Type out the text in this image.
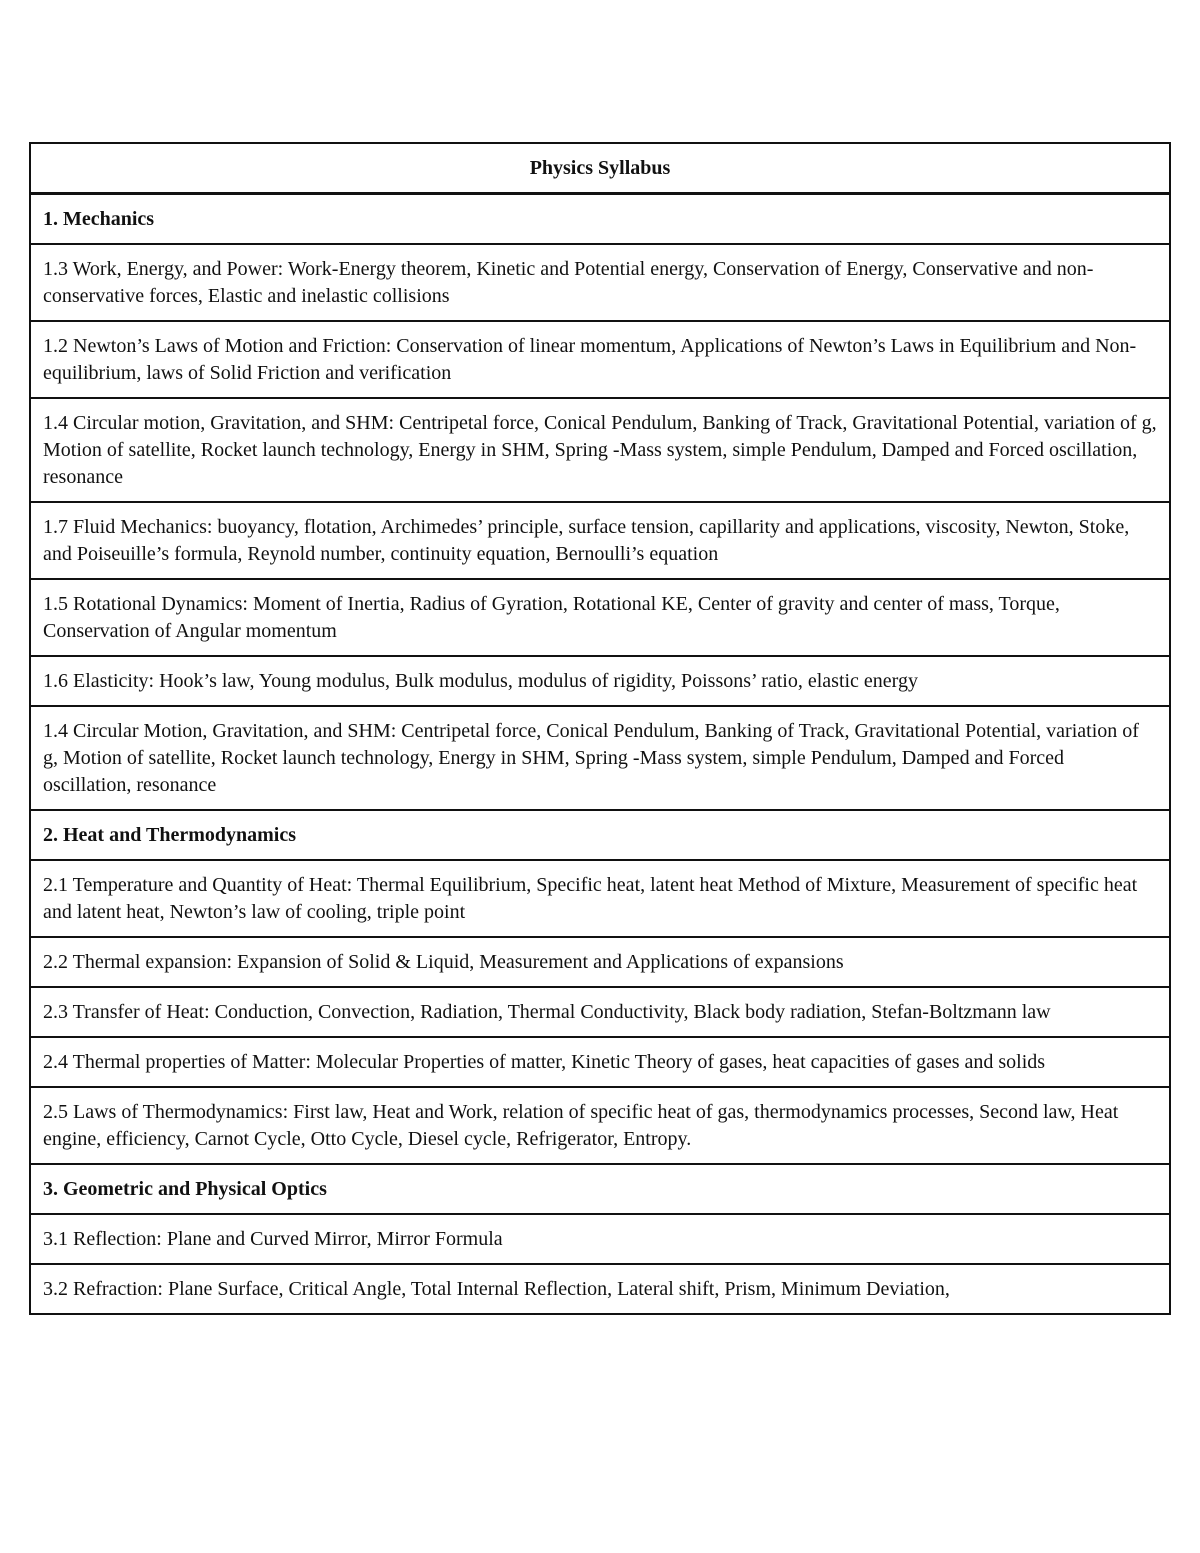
Physics Syllabus
1. Mechanics
1.3 Work, Energy, and Power: Work-Energy theorem, Kinetic and Potential energy, Conservation of Energy, Conservative and non-conservative forces, Elastic and inelastic collisions
1.2 Newton’s Laws of Motion and Friction: Conservation of linear momentum, Applications of Newton’s Laws in Equilibrium and Non-equilibrium, laws of Solid Friction and verification
1.4 Circular motion, Gravitation, and SHM: Centripetal force, Conical Pendulum, Banking of Track, Gravitational Potential, variation of g, Motion of satellite, Rocket launch technology, Energy in SHM, Spring -Mass system, simple Pendulum, Damped and Forced oscillation, resonance
1.7 Fluid Mechanics: buoyancy, flotation, Archimedes’ principle, surface tension, capillarity and applications, viscosity, Newton, Stoke, and Poiseuille’s formula, Reynold number, continuity equation, Bernoulli’s equation
1.5 Rotational Dynamics: Moment of Inertia, Radius of Gyration, Rotational KE, Center of gravity and center of mass, Torque, Conservation of Angular momentum
1.6 Elasticity: Hook’s law, Young modulus, Bulk modulus, modulus of rigidity, Poissons’ ratio, elastic energy
1.4 Circular Motion, Gravitation, and SHM: Centripetal force, Conical Pendulum, Banking of Track, Gravitational Potential, variation of g, Motion of satellite, Rocket launch technology, Energy in SHM, Spring -Mass system, simple Pendulum, Damped and Forced oscillation, resonance
2. Heat and Thermodynamics
2.1 Temperature and Quantity of Heat: Thermal Equilibrium, Specific heat, latent heat Method of Mixture, Measurement of specific heat and latent heat, Newton’s law of cooling, triple point
2.2 Thermal expansion: Expansion of Solid & Liquid, Measurement and Applications of expansions
2.3 Transfer of Heat: Conduction, Convection, Radiation, Thermal Conductivity, Black body radiation, Stefan-Boltzmann law
2.4 Thermal properties of Matter: Molecular Properties of matter, Kinetic Theory of gases, heat capacities of gases and solids
2.5 Laws of Thermodynamics: First law, Heat and Work, relation of specific heat of gas, thermodynamics processes, Second law, Heat engine, efficiency, Carnot Cycle, Otto Cycle, Diesel cycle, Refrigerator, Entropy.
3. Geometric and Physical Optics
3.1 Reflection: Plane and Curved Mirror, Mirror Formula
3.2 Refraction: Plane Surface, Critical Angle, Total Internal Reflection, Lateral shift, Prism, Minimum Deviation,
